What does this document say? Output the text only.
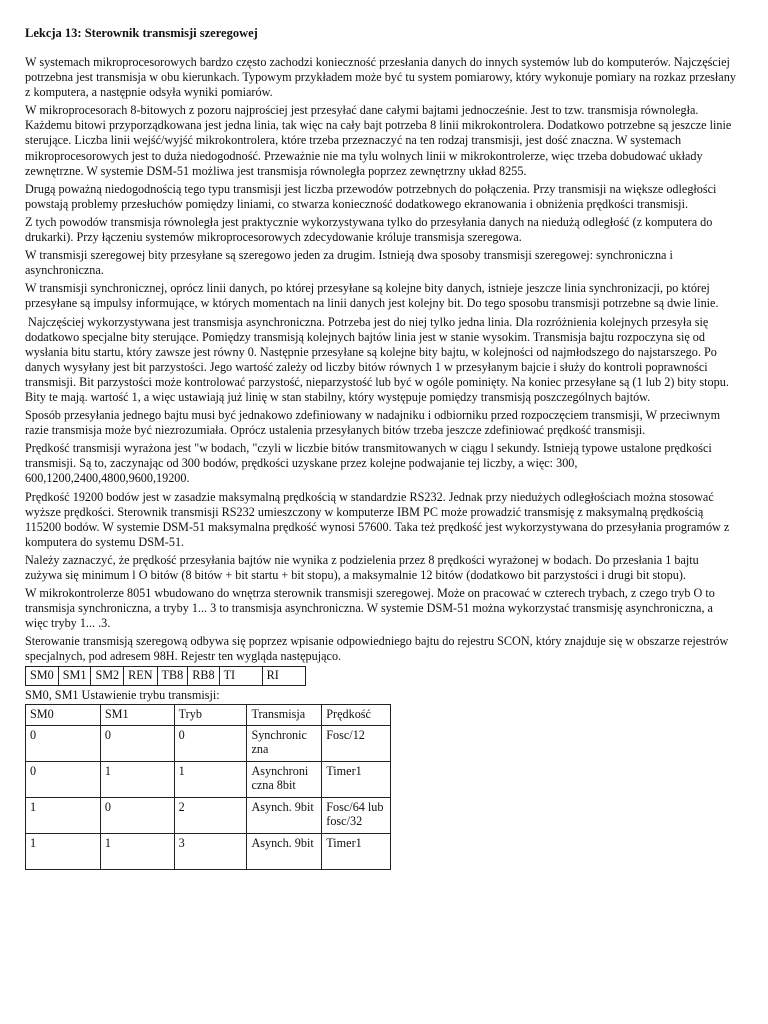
Lekcja 13: Sterownik transmisji szeregowej

W systemach mikroprocesorowych bardzo często zachodzi konieczność przesłania danych do innych systemów lub do komputerów. Najczęściej potrzebna jest transmisja w obu kierunkach. Typowym przykładem może być tu system pomiarowy, który wykonuje pomiary na rozkaz przesłany z komputera, a następnie odsyła wyniki pomiarów.

W mikroprocesorach 8-bitowych z pozoru najprościej jest przesyłać dane całymi bajtami jednocześnie. Jest to tzw. transmisja równoległa. Każdemu bitowi przyporządkowana jest jedna linia, tak więc na cały bajt potrzeba 8 linii mikrokontrolera. Dodatkowo potrzebne są jeszcze linie sterujące. Liczba linii wejść/wyjść mikrokontrolera, które trzeba przeznaczyć na ten rodzaj transmisji, jest dość znaczna. W systemach mikroprocesorowych jest to duża niedogodność. Przeważnie nie ma tylu wolnych linii w mikrokontrolerze, więc trzeba dobudować układy zewnętrzne. W systemie DSM-51 możliwa jest transmisja równoległa poprzez zewnętrzny układ 8255.

Drugą poważną niedogodnością tego typu transmisji jest liczba przewodów potrzebnych do połączenia. Przy transmisji na większe odległości powstają problemy przesłuchów pomiędzy liniami, co stwarza konieczność dodatkowego ekranowania i obniżenia prędkości transmisji.

Z tych powodów transmisja równoległa jest praktycznie wykorzystywana tylko do przesyłania danych na niedużą odległość (z komputera do drukarki). Przy łączeniu systemów mikroprocesorowych zdecydowanie króluje transmisja szeregowa.

W transmisji szeregowej bity przesyłane są szeregowo jeden za drugim. Istnieją dwa sposoby transmisji szeregowej: synchroniczna i asynchroniczna.

W transmisji synchronicznej, oprócz linii danych, po której przesyłane są kolejne bity danych, istnieje jeszcze linia synchronizacji, po której przesyłane są impulsy informujące, w których momentach na linii danych jest kolejny bit. Do tego sposobu transmisji potrzebne są dwie linie.

Najczęściej wykorzystywana jest transmisja asynchroniczna. Potrzeba jest do niej tylko jedna linia. Dla rozróżnienia kolejnych przesyła się dodatkowo specjalne bity sterujące. Pomiędzy transmisją kolejnych bajtów linia jest w stanie wysokim. Transmisja bajtu rozpoczyna się od wysłania bitu startu, który zawsze jest równy 0. Następnie przesyłane są kolejne bity bajtu, w kolejności od najmłodszego do najstarszego. Po danych wysyłany jest bit parzystości. Jego wartość zależy od liczby bitów równych 1 w przesyłanym bajcie i służy do kontroli poprawności transmisji. Bit parzystości może kontrolować parzystość, nieparzystość lub być w ogóle pominięty. Na koniec przesyłane są (1 lub 2) bity stopu. Bity te mają. wartość 1, a więc ustawiają już linię w stan stabilny, który występuje pomiędzy transmisją poszczególnych bajtów.

Sposób przesyłania jednego bajtu musi być jednakowo zdefiniowany w nadajniku i odbiorniku przed rozpoczęciem transmisji, W przeciwnym razie transmisja może być niezrozumiała. Oprócz ustalenia przesyłanych bitów trzeba jeszcze zdefiniować prędkość transmisji.

Prędkość transmisji wyrażona jest "w bodach, "czyli w liczbie bitów transmitowanych w ciągu l sekundy. Istnieją typowe ustalone prędkości transmisji. Są to, zaczynając od 300 bodów, prędkości uzyskane przez kolejne podwajanie tej liczby, a więc: 300, 600,1200,2400,4800,9600,19200.

Prędkość 19200 bodów jest w zasadzie maksymalną prędkością w standardzie RS232. Jednak przy niedużych odległościach można stosować wyższe prędkości. Sterownik transmisji RS232 umieszczony w komputerze IBM PC może prowadzić transmisję z maksymalną prędkością 115200 bodów. W systemie DSM-51 maksymalna prędkość wynosi 57600. Taka też prędkość jest wykorzystywana do przesyłania programów z komputera do systemu DSM-51.

Należy zaznaczyć, że prędkość przesyłania bajtów nie wynika z podzielenia przez 8 prędkości wyrażonej w bodach. Do przesłania 1 bajtu zużywa się minimum l O bitów (8 bitów + bit startu + bit stopu), a maksymalnie 12 bitów (dodatkowo bit parzystości i drugi bit stopu).

W mikrokontrolerze 8051 wbudowano do wnętrza sterownik transmisji szeregowej. Może on pracować w czterech trybach, z czego tryb O to transmisja synchroniczna, a tryby 1... 3 to transmisja asynchroniczna. W systemie DSM-51 można wykorzystać transmisję asynchroniczna, a więc tryby 1... .3.

Sterowanie transmisją szeregową odbywa się poprzez wpisanie odpowiedniego bajtu do rejestru SCON, który znajduje się w obszarze rejestrów specjalnych, pod adresem 98H. Rejestr ten wygląda następująco.

SM0	SM1	SM2	REN	TB8	RB8	TI	RI
SM0, SM1 Ustawienie trybu transmisji:
SM0	SM1	Tryb	Transmisja	Prędkość
0	0	0	Synchronic zna	Fosc/12
0	1	1	Asynchroni czna 8bit	Timer1
1	0	2	Asynch. 9bit	Fosc/64 lub fosc/32
1	1	3	Asynch. 9bit	Timer1
